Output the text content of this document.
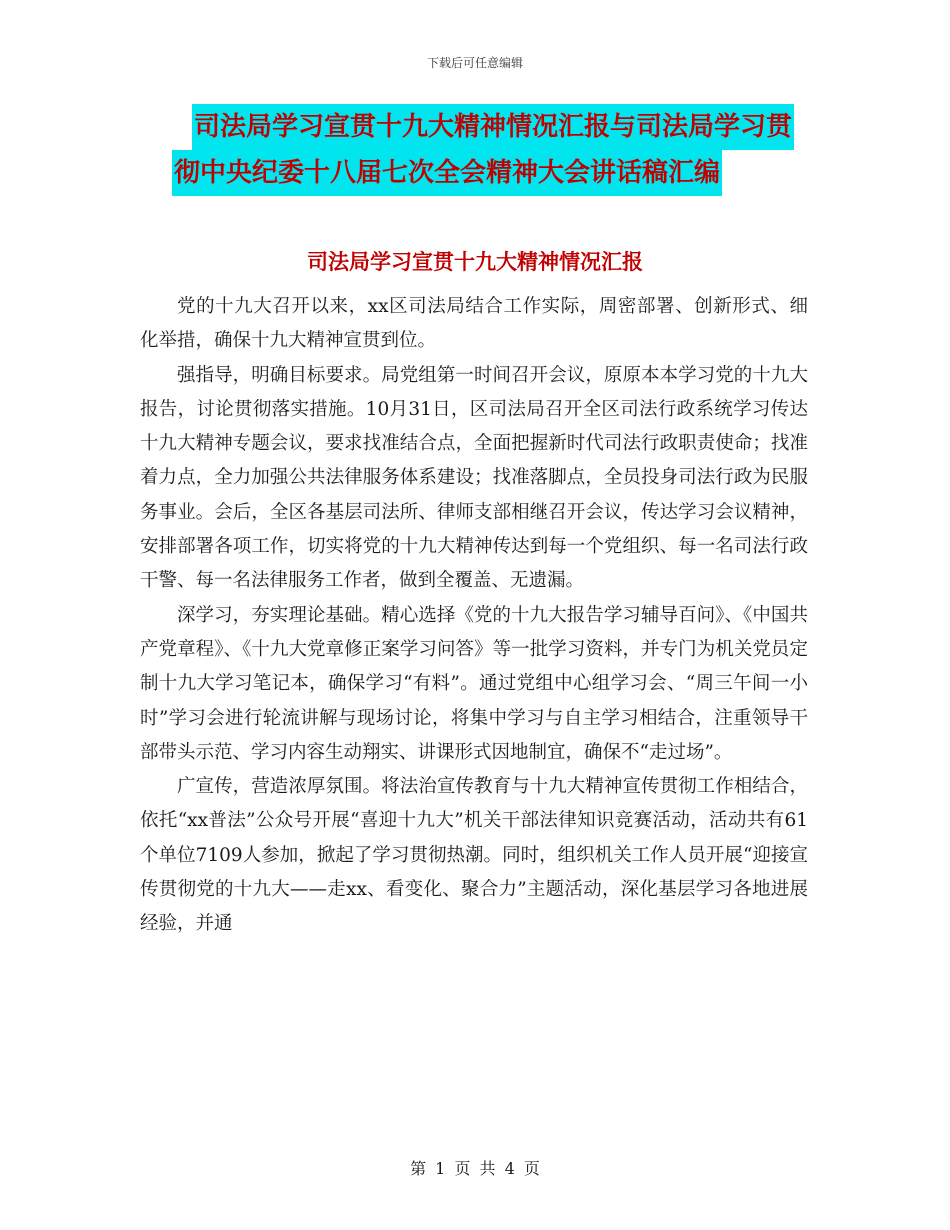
下载后可任意编辑
司法局学习宣贯十九大精神情况汇报与司法局学习贯
彻中央纪委十八届七次全会精神大会讲话稿汇编
司法局学习宣贯十九大精神情况汇报

党的十九大召开以来，xx区司法局结合工作实际，周密部署、创新形式、细化举措，确保十九大精神宣贯到位。

强指导，明确目标要求。局党组第一时间召开会议，原原本本学习党的十九大报告，讨论贯彻落实措施。10月31日，区司法局召开全区司法行政系统学习传达十九大精神专题会议，要求找准结合点，全面把握新时代司法行政职责使命；找准着力点，全力加强公共法律服务体系建设；找准落脚点，全员投身司法行政为民服务事业。会后，全区各基层司法所、律师支部相继召开会议，传达学习会议精神，安排部署各项工作，切实将党的十九大精神传达到每一个党组织、每一名司法行政干警、每一名法律服务工作者，做到全覆盖、无遗漏。

深学习，夯实理论基础。精心选择《党的十九大报告学习辅导百问》、《中国共产党章程》、《十九大党章修正案学习问答》等一批学习资料，并专门为机关党员定制十九大学习笔记本，确保学习“有料”。通过党组中心组学习会、“周三午间一小时”学习会进行轮流讲解与现场讨论，将集中学习与自主学习相结合，注重领导干部带头示范、学习内容生动翔实、讲课形式因地制宜，确保不“走过场”。

广宣传，营造浓厚氛围。将法治宣传教育与十九大精神宣传贯彻工作相结合，依托“xx普法”公众号开展“喜迎十九大”机关干部法律知识竞赛活动，活动共有61个单位7109人参加，掀起了学习贯彻热潮。同时，组织机关工作人员开展“迎接宣传贯彻党的十九大——走xx、看变化、聚合力”主题活动，深化基层学习各地进展经验，并通

第 1 页 共 4 页
